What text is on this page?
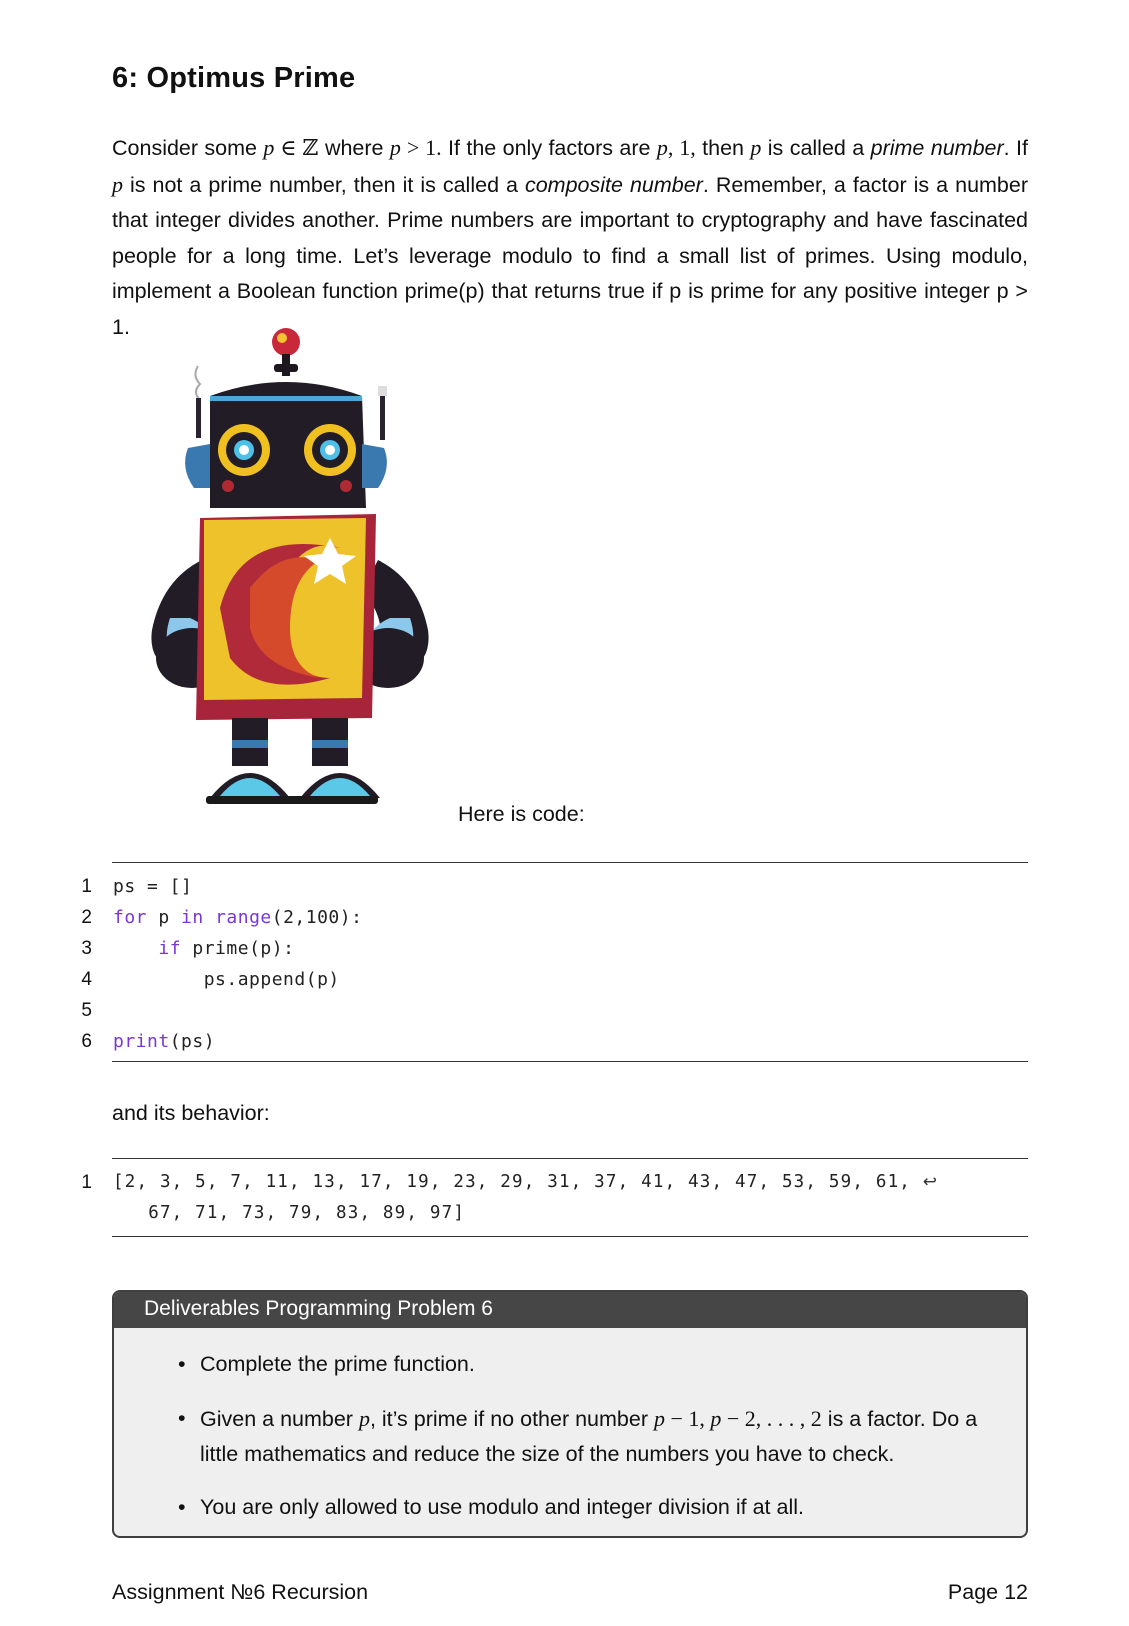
6: Optimus Prime

Consider some p ∈ ℤ where p > 1. If the only factors are p, 1, then p is called a prime number. If p is not a prime number, then it is called a composite number. Remember, a factor is a number that integer divides another. Prime numbers are important to cryptography and have fascinated people for a long time. Let’s leverage modulo to find a small list of primes. Using modulo, implement a Boolean function prime(p) that returns true if p is prime for any positive integer p > 1.

Here is code:
1 ps = []
2 for p in range(2,100):
3	if prime(p):
4 ps.append(p)
5
6 print(ps)
and its behavior:
1 [2, 3, 5, 7, 11, 13, 17, 19, 23, 29, 31, 37, 41, 43, 47, 53, 59, 61, ↩
67, 71, 73, 79, 83, 89, 97]
Deliverables Programming Problem 6
• Complete the prime function.
• Given a number p, it’s prime if no other number p − 1, p − 2, . . . , 2 is a factor. Do a little mathematics and reduce the size of the numbers you have to check.
• You are only allowed to use modulo and integer division if at all.
Assignment №6 Recursion	Page 12
